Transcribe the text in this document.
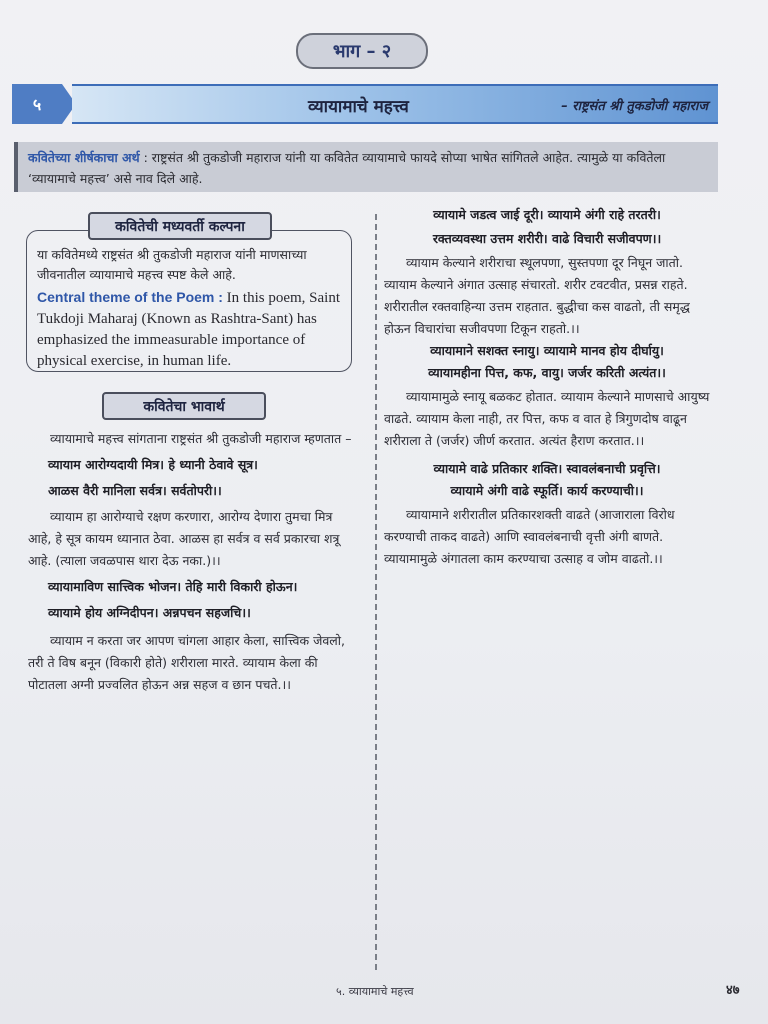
भाग – २
५	व्यायामाचे महत्त्व	– राष्ट्रसंत श्री तुकडोजी महाराज
कवितेच्या शीर्षकाचा अर्थ : राष्ट्रसंत श्री तुकडोजी महाराज यांनी या कवितेत व्यायामाचे फायदे सोप्या भाषेत सांगितले आहेत. त्यामुळे या कवितेला ‘व्यायामाचे महत्त्व’ असे नाव दिले आहे.

या कवितेमध्ये राष्ट्रसंत श्री तुकडोजी महाराज यांनी माणसाच्या जीवनातील व्यायामाचे महत्त्व स्पष्ट केले आहे.

Central theme of the Poem : In this poem, Saint Tukdoji Maharaj (Known as Rashtra-Sant) has emphasized the immeasurable importance of physical exercise, in human life.

कवितेची मध्यवर्ती कल्पना
कवितेचा भावार्थ

व्यायामाचे महत्त्व सांगताना राष्ट्रसंत श्री तुकडोजी महाराज म्हणतात –

व्यायाम आरोग्यदायी मित्र। हे ध्यानी ठेवावे सूत्र।

आळस वैरी मानिला सर्वत्र। सर्वतोपरी।।

व्यायाम हा आरोग्याचे रक्षण करणारा, आरोग्य देणारा तुमचा मित्र आहे, हे सूत्र कायम ध्यानात ठेवा. आळस हा सर्वत्र व सर्व प्रकारचा शत्रू आहे. (त्याला जवळपास थारा देऊ नका.)।।

व्यायामाविण सात्त्विक भोजन। तेहि मारी विकारी होऊन।

व्यायामे होय अग्निदीपन। अन्नपचन सहजचि।।

व्यायाम न करता जर आपण चांगला आहार केला, सात्त्विक जेवलो, तरी ते विष बनून (विकारी होते) शरीराला मारते. व्यायाम केला की पोटातला अग्नी प्रज्वलित होऊन अन्न सहज व छान पचते.।।

व्यायामे जडत्व जाई दूरी। व्यायामे अंगी राहे तरतरी।

रक्तव्यवस्था उत्तम शरीरी। वाढे विचारी सजीवपण।।

व्यायाम केल्याने शरीराचा स्थूलपणा, सुस्तपणा दूर निघून जातो. व्यायाम केल्याने अंगात उत्साह संचारतो. शरीर टवटवीत, प्रसन्न राहते. शरीरातील रक्तवाहिन्या उत्तम राहतात. बुद्धीचा कस वाढतो, ती समृद्ध होऊन विचारांचा सजीवपणा टिकून राहतो.।।

व्यायामाने सशक्त स्नायु। व्यायामे मानव होय दीर्घायु।

व्यायामहीना पित्त, कफ, वायु। जर्जर करिती अत्यंत।।

व्यायामामुळे स्नायू बळकट होतात. व्यायाम केल्याने माणसाचे आयुष्य वाढते. व्यायाम केला नाही, तर पित्त, कफ व वात हे त्रिगुणदोष वाढून शरीराला ते (जर्जर) जीर्ण करतात. अत्यंत हैराण करतात.।।

व्यायामे वाढे प्रतिकार शक्ति। स्वावलंबनाची प्रवृत्ति।

व्यायामे अंगी वाढे स्फूर्ति। कार्य करण्याची।।

व्यायामाने शरीरातील प्रतिकारशक्ती वाढते (आजाराला विरोध करण्याची ताकद वाढते) आणि स्वावलंबनाची वृत्ती अंगी बाणते. व्यायामामुळे अंगातला काम करण्याचा उत्साह व जोम वाढतो.।।

५. व्यायामाचे महत्त्व	४७
